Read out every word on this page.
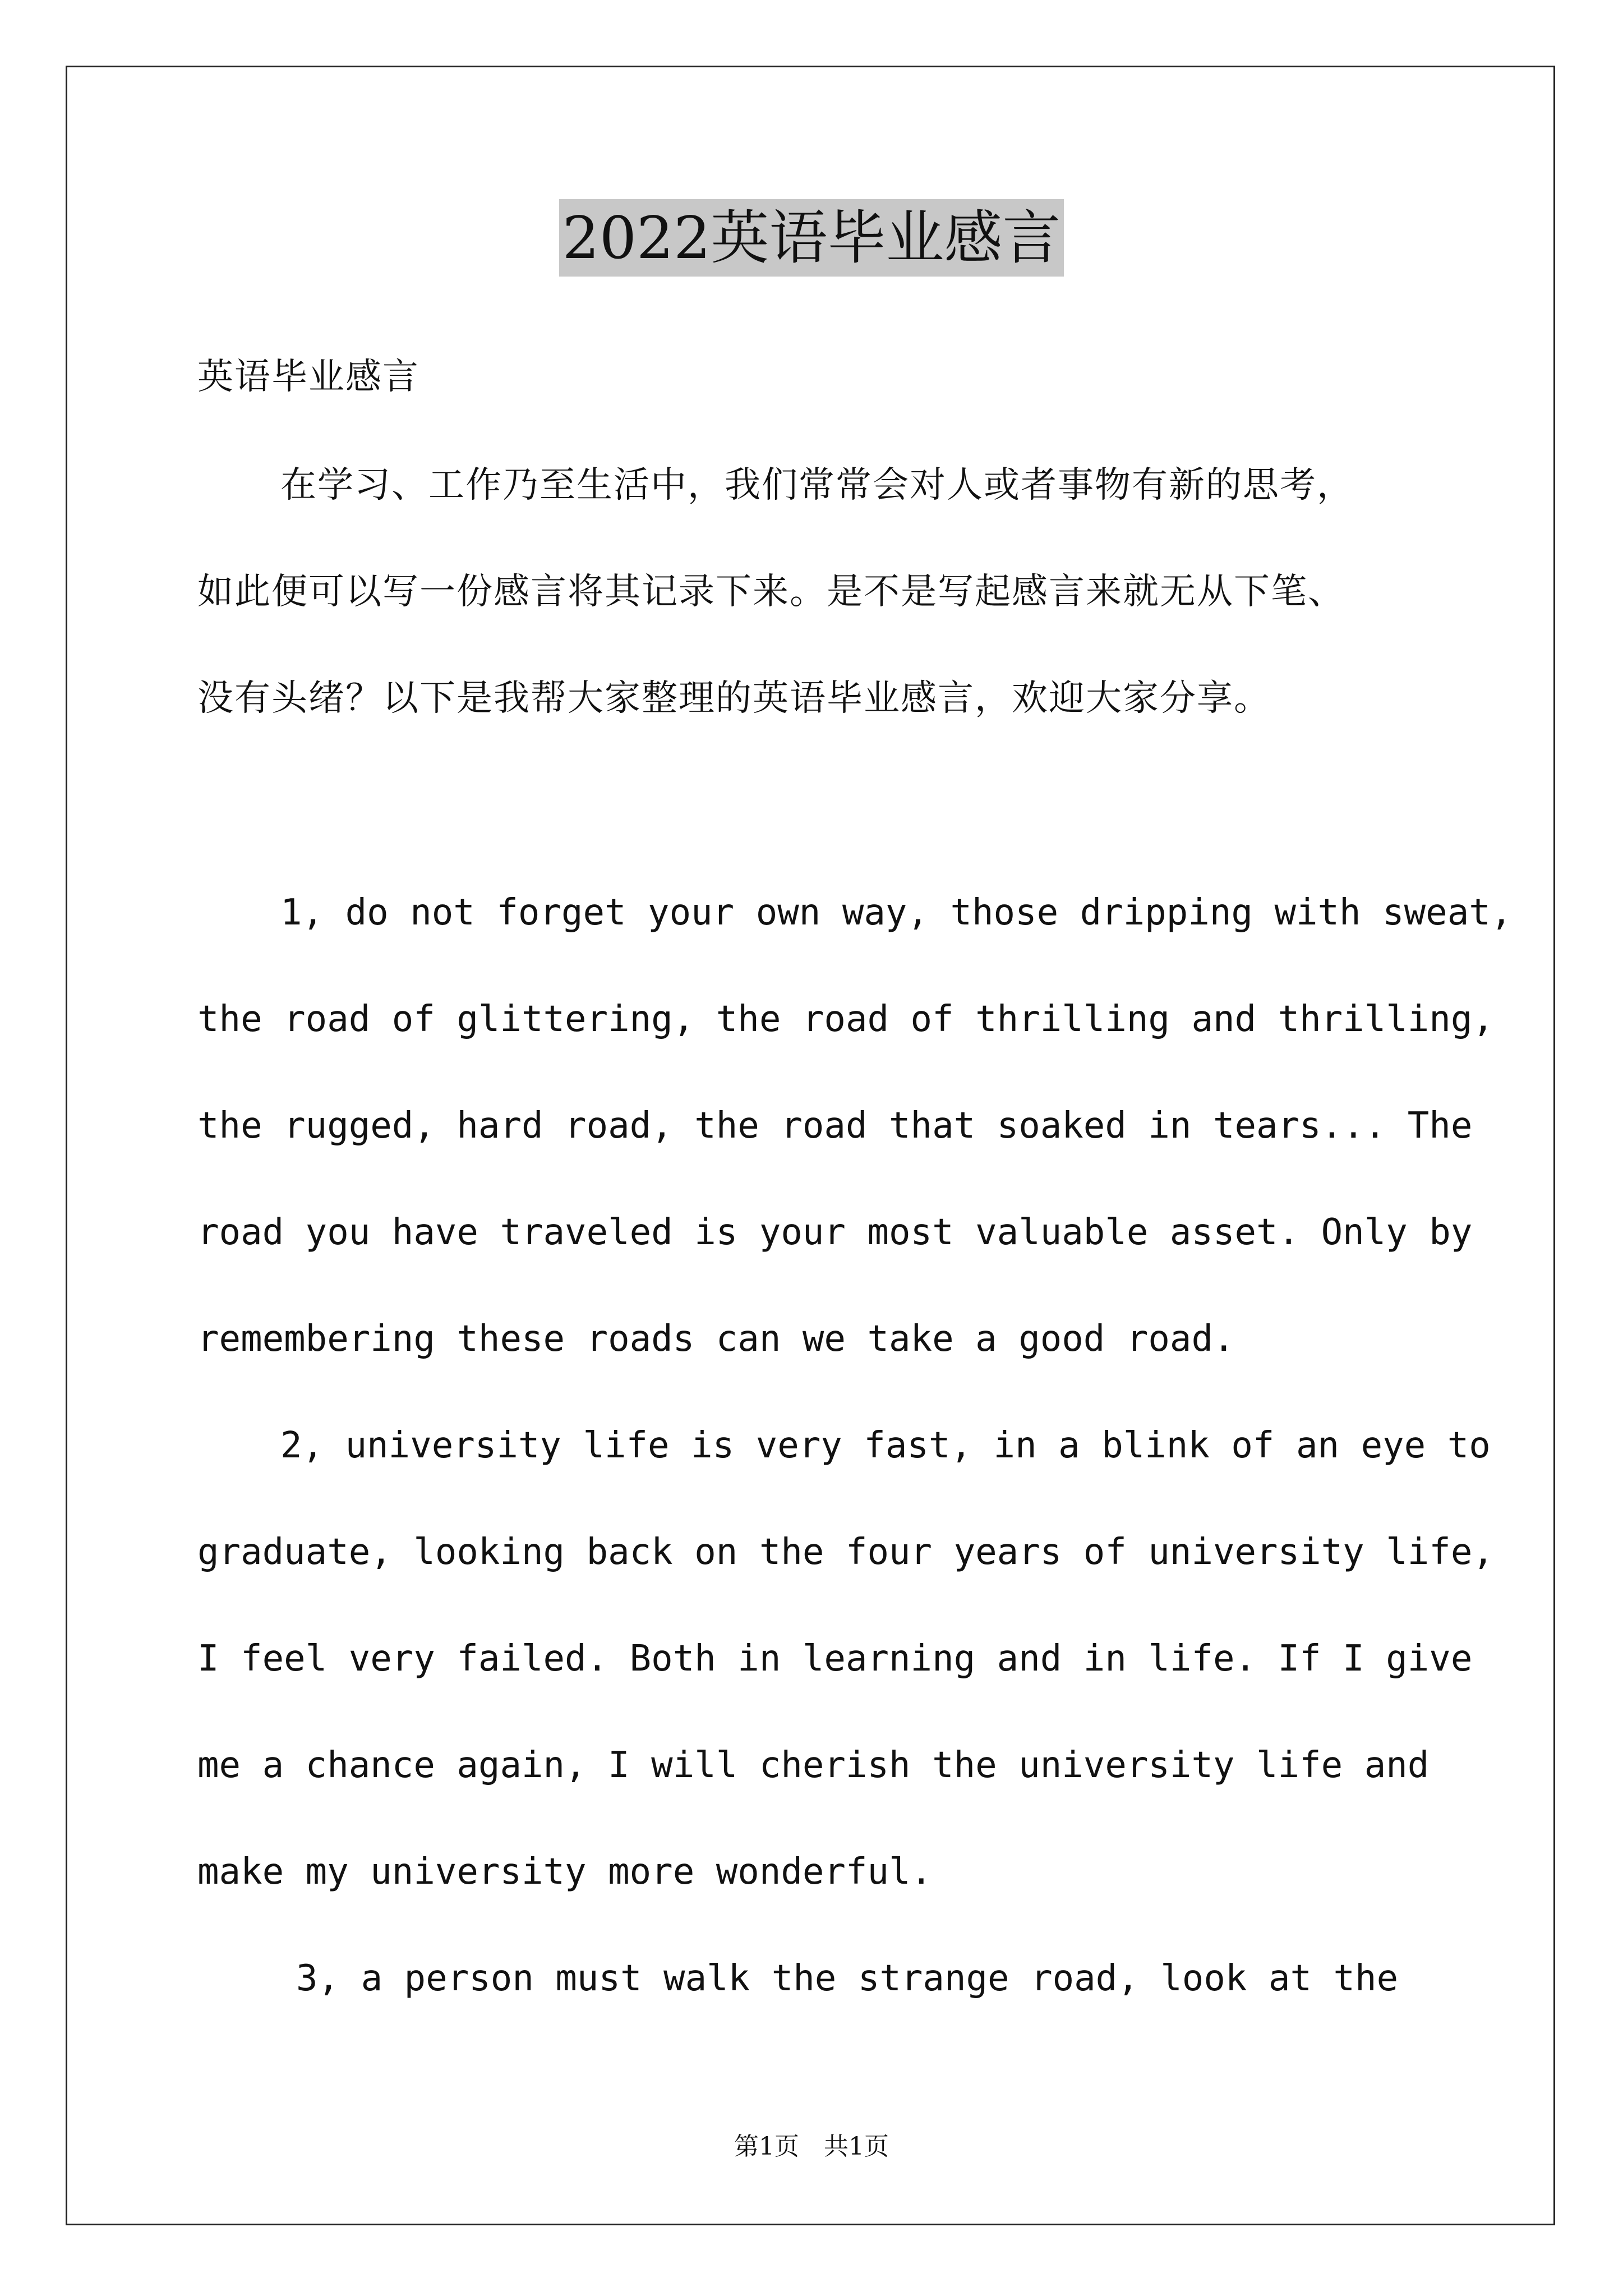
2022英语毕业感言
英语毕业感言
在学习、工作乃至生活中，我们常常会对人或者事物有新的思考，
如此便可以写一份感言将其记录下来。是不是写起感言来就无从下笔、
没有头绪？以下是我帮大家整理的英语毕业感言，欢迎大家分享。
1, do not forget your own way, those dripping with sweat,
the road of glittering, the road of thrilling and thrilling,
the rugged, hard road, the road that soaked in tears... The
road you have traveled is your most valuable asset. Only by
remembering these roads can we take a good road.
2, university life is very fast, in a blink of an eye to
graduate, looking back on the four years of university life,
I feel very failed. Both in learning and in life. If I give
me a chance again, I will cherish the university life and
make my university more wonderful.
3, a person must walk the strange road, look at the
第1页　共1页
